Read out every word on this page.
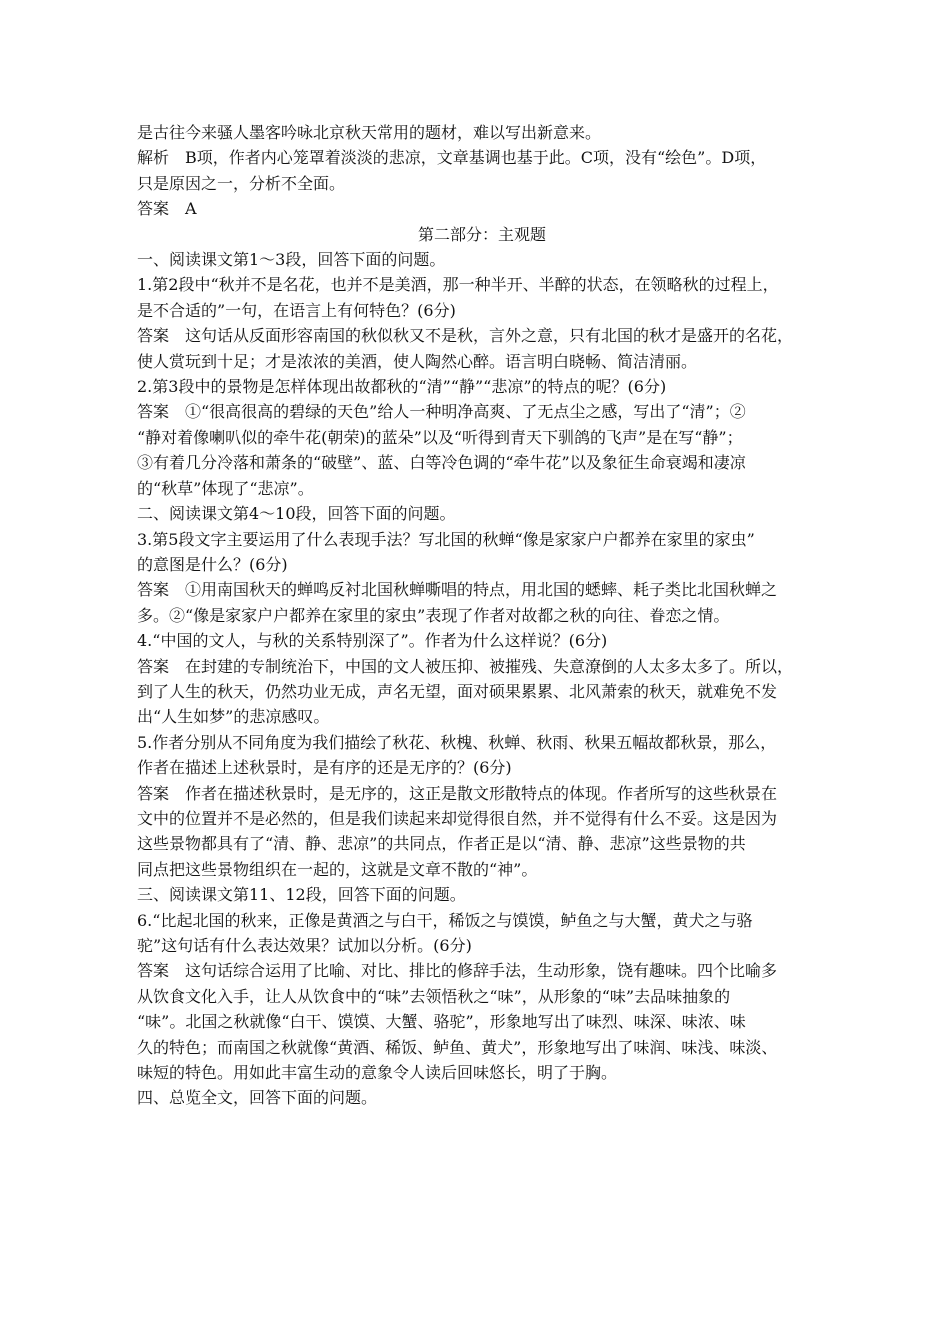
是古往今来骚人墨客吟咏北京秋天常用的题材，难以写出新意来。
解析　B项，作者内心笼罩着淡淡的悲凉，文章基调也基于此。C项，没有“绘色”。D项，
只是原因之一，分析不全面。
答案　A
第二部分：主观题
一、阅读课文第1～3段，回答下面的问题。
1.第2段中“秋并不是名花，也并不是美酒，那一种半开、半醉的状态，在领略秋的过程上，
是不合适的”一句，在语言上有何特色？(6分)
答案　这句话从反面形容南国的秋似秋又不是秋，言外之意，只有北国的秋才是盛开的名花，
使人赏玩到十足；才是浓浓的美酒，使人陶然心醉。语言明白晓畅、简洁清丽。
2.第3段中的景物是怎样体现出故都秋的“清”“静”“悲凉”的特点的呢？(6分)
答案　①“很高很高的碧绿的天色”给人一种明净高爽、了无点尘之感，写出了“清”；②
“静对着像喇叭似的牵牛花(朝荣)的蓝朵”以及“听得到青天下驯鸽的飞声”是在写“静”；
③有着几分冷落和萧条的“破壁”、蓝、白等冷色调的“牵牛花”以及象征生命衰竭和凄凉
的“秋草”体现了“悲凉”。
二、阅读课文第4～10段，回答下面的问题。
3.第5段文字主要运用了什么表现手法？写北国的秋蝉“像是家家户户都养在家里的家虫”
的意图是什么？(6分)
答案　①用南国秋天的蝉鸣反衬北国秋蝉嘶唱的特点，用北国的蟋蟀、耗子类比北国秋蝉之
多。②“像是家家户户都养在家里的家虫”表现了作者对故都之秋的向往、眷恋之情。
4.“中国的文人，与秋的关系特别深了”。作者为什么这样说？(6分)
答案　在封建的专制统治下，中国的文人被压抑、被摧残、失意潦倒的人太多太多了。所以，
到了人生的秋天，仍然功业无成，声名无望，面对硕果累累、北风萧索的秋天，就难免不发
出“人生如梦”的悲凉感叹。
5.作者分别从不同角度为我们描绘了秋花、秋槐、秋蝉、秋雨、秋果五幅故都秋景，那么，
作者在描述上述秋景时，是有序的还是无序的？(6分)
答案　作者在描述秋景时，是无序的，这正是散文形散特点的体现。作者所写的这些秋景在
文中的位置并不是必然的，但是我们读起来却觉得很自然，并不觉得有什么不妥。这是因为
这些景物都具有了“清、静、悲凉”的共同点，作者正是以“清、静、悲凉”这些景物的共
同点把这些景物组织在一起的，这就是文章不散的“神”。
三、阅读课文第11、12段，回答下面的问题。
6.“比起北国的秋来，正像是黄酒之与白干，稀饭之与馍馍，鲈鱼之与大蟹，黄犬之与骆
驼”这句话有什么表达效果？试加以分析。(6分)
答案　这句话综合运用了比喻、对比、排比的修辞手法，生动形象，饶有趣味。四个比喻多
从饮食文化入手，让人从饮食中的“味”去领悟秋之“味”，从形象的“味”去品味抽象的
“味”。北国之秋就像“白干、馍馍、大蟹、骆驼”，形象地写出了味烈、味深、味浓、味
久的特色；而南国之秋就像“黄酒、稀饭、鲈鱼、黄犬”，形象地写出了味润、味浅、味淡、
味短的特色。用如此丰富生动的意象令人读后回味悠长，明了于胸。
四、总览全文，回答下面的问题。
